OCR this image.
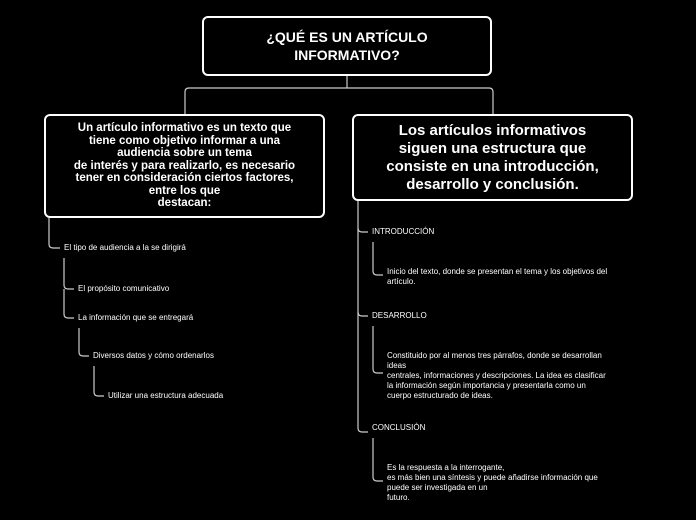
¿QUÉ ES UN ARTÍCULO
INFORMATIVO?
Un artículo informativo es un texto que
tiene como objetivo informar a una
audiencia sobre un tema
de interés y para realizarlo, es necesario
tener en consideración ciertos factores,
entre los que
destacan:
Los artículos informativos
siguen una estructura que
consiste en una introducción,
desarrollo y conclusión.
El tipo de audiencia a la se dirigirá
El propósito comunicativo
La información que se entregará
Diversos datos y cómo ordenarlos
Utilizar una estructura adecuada
INTRODUCCIÓN
Inicio del texto, donde se presentan el tema y los objetivos del
artículo.
DESARROLLO
Constituido por al menos tres párrafos, donde se desarrollan
ideas
centrales, informaciones y descripciones. La idea es clasificar
la información según importancia y presentarla como un
cuerpo estructurado de ideas.
CONCLUSIÓN
Es la respuesta a la interrogante,
es más bien una síntesis y puede añadirse información que
puede ser investigada en un
futuro.
